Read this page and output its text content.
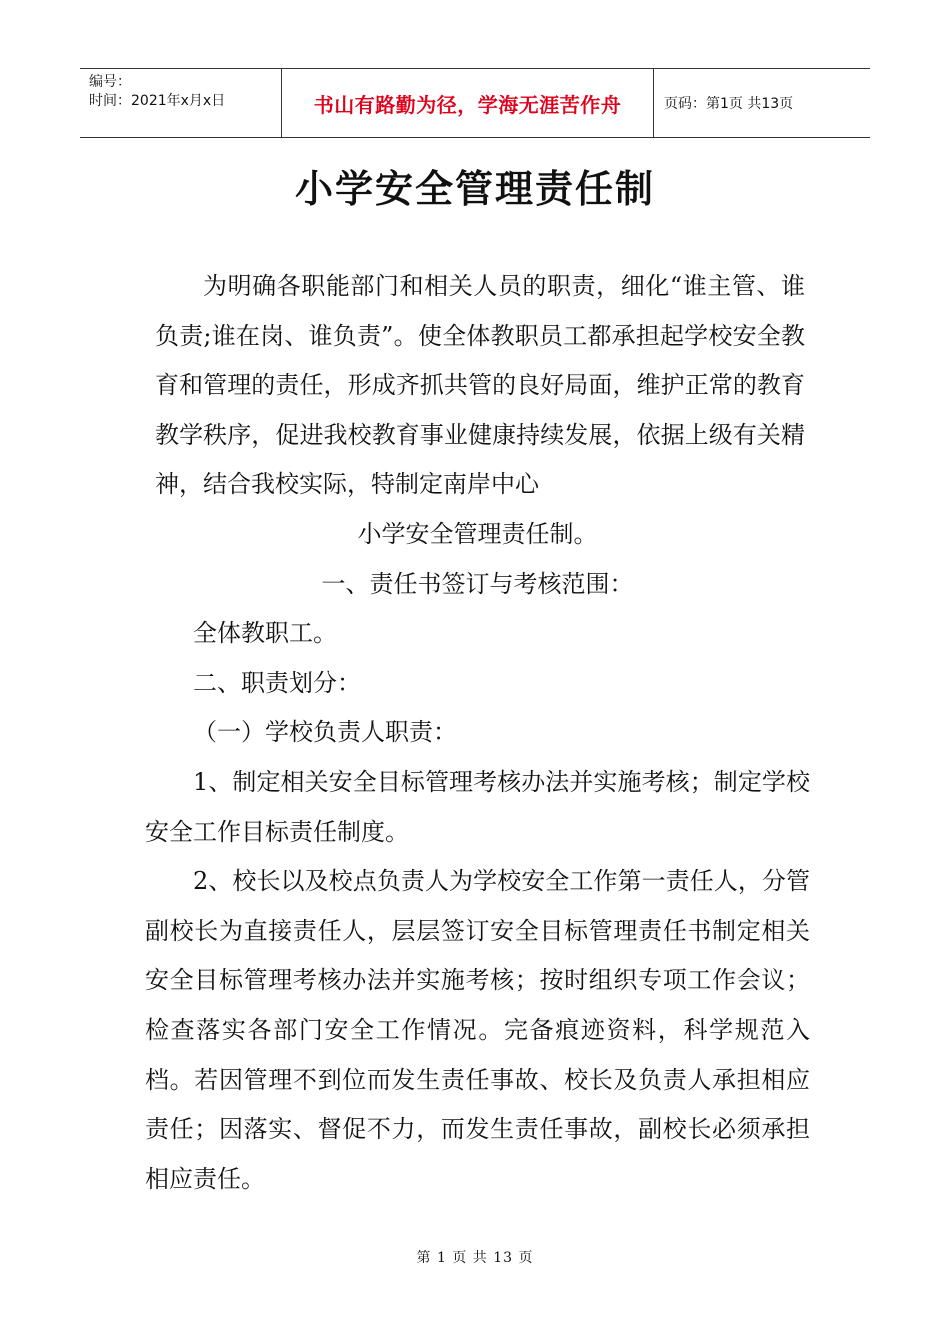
编号：
时间：2021年x月x日	书山有路勤为径，学海无涯苦作舟	页码：第1页 共13页
小学安全管理责任制

为明确各职能部门和相关人员的职责，细化“谁主管、谁负责;谁在岗、谁负责”。使全体教职员工都承担起学校安全教育和管理的责任，形成齐抓共管的良好局面，维护正常的教育教学秩序，促进我校教育事业健康持续发展，依据上级有关精神，结合我校实际，特制定南岸中心

小学安全管理责任制。

一、责任书签订与考核范围：

全体教职工。

二、职责划分：

（一）学校负责人职责：

1、制定相关安全目标管理考核办法并实施考核；制定学校安全工作目标责任制度。

2、校长以及校点负责人为学校安全工作第一责任人，分管副校长为直接责任人，层层签订安全目标管理责任书制定相关安全目标管理考核办法并实施考核；按时组织专项工作会议；检查落实各部门安全工作情况。完备痕迹资料，科学规范入档。若因管理不到位而发生责任事故、校长及负责人承担相应责任；因落实、督促不力，而发生责任事故，副校长必须承担相应责任。

第 1 页 共 13 页
